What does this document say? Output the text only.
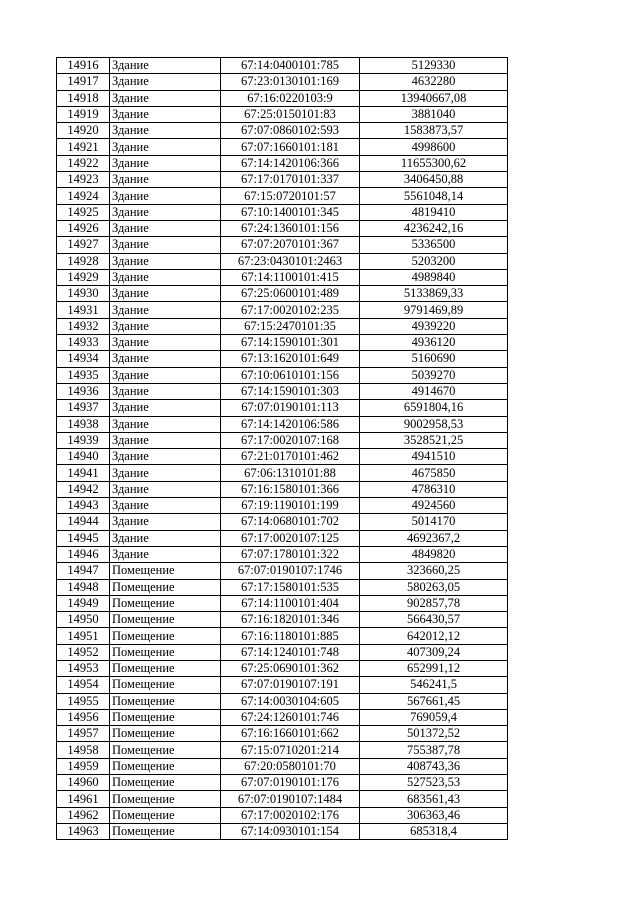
14916	Здание	67:14:0400101:785	5129330
14917	Здание	67:23:0130101:169	4632280
14918	Здание	67:16:0220103:9	13940667,08
14919	Здание	67:25:0150101:83	3881040
14920	Здание	67:07:0860102:593	1583873,57
14921	Здание	67:07:1660101:181	4998600
14922	Здание	67:14:1420106:366	11655300,62
14923	Здание	67:17:0170101:337	3406450,88
14924	Здание	67:15:0720101:57	5561048,14
14925	Здание	67:10:1400101:345	4819410
14926	Здание	67:24:1360101:156	4236242,16
14927	Здание	67:07:2070101:367	5336500
14928	Здание	67:23:0430101:2463	5203200
14929	Здание	67:14:1100101:415	4989840
14930	Здание	67:25:0600101:489	5133869,33
14931	Здание	67:17:0020102:235	9791469,89
14932	Здание	67:15:2470101:35	4939220
14933	Здание	67:14:1590101:301	4936120
14934	Здание	67:13:1620101:649	5160690
14935	Здание	67:10:0610101:156	5039270
14936	Здание	67:14:1590101:303	4914670
14937	Здание	67:07:0190101:113	6591804,16
14938	Здание	67:14:1420106:586	9002958,53
14939	Здание	67:17:0020107:168	3528521,25
14940	Здание	67:21:0170101:462	4941510
14941	Здание	67:06:1310101:88	4675850
14942	Здание	67:16:1580101:366	4786310
14943	Здание	67:19:1190101:199	4924560
14944	Здание	67:14:0680101:702	5014170
14945	Здание	67:17:0020107:125	4692367,2
14946	Здание	67:07:1780101:322	4849820
14947	Помещение	67:07:0190107:1746	323660,25
14948	Помещение	67:17:1580101:535	580263,05
14949	Помещение	67:14:1100101:404	902857,78
14950	Помещение	67:16:1820101:346	566430,57
14951	Помещение	67:16:1180101:885	642012,12
14952	Помещение	67:14:1240101:748	407309,24
14953	Помещение	67:25:0690101:362	652991,12
14954	Помещение	67:07:0190107:191	546241,5
14955	Помещение	67:14:0030104:605	567661,45
14956	Помещение	67:24:1260101:746	769059,4
14957	Помещение	67:16:1660101:662	501372,52
14958	Помещение	67:15:0710201:214	755387,78
14959	Помещение	67:20:0580101:70	408743,36
14960	Помещение	67:07:0190101:176	527523,53
14961	Помещение	67:07:0190107:1484	683561,43
14962	Помещение	67:17:0020102:176	306363,46
14963	Помещение	67:14:0930101:154	685318,4
